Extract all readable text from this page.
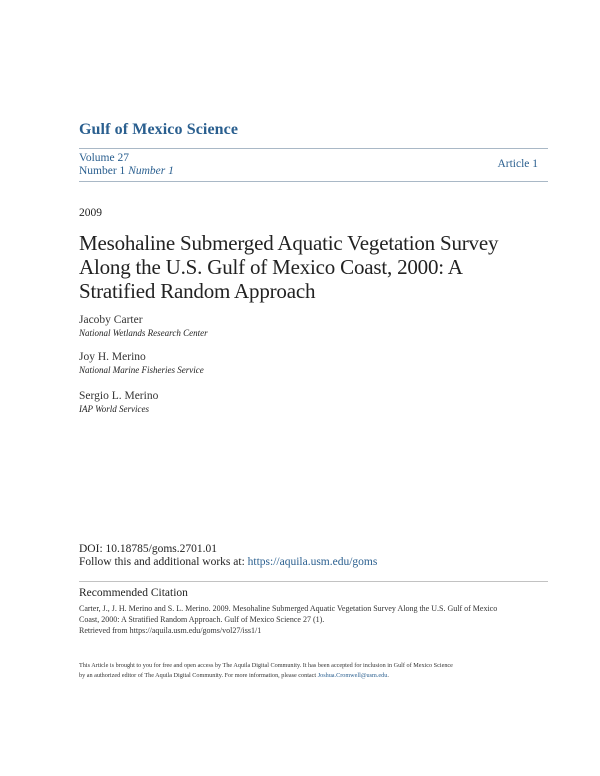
Gulf of Mexico Science
Volume 27
Number 1 Number 1
Article 1
2009
Mesohaline Submerged Aquatic Vegetation Survey
Along the U.S. Gulf of Mexico Coast, 2000: A
Stratified Random Approach
Jacoby Carter
National Wetlands Research Center
Joy H. Merino
National Marine Fisheries Service
Sergio L. Merino
IAP World Services
DOI: 10.18785/goms.2701.01
Follow this and additional works at: https://aquila.usm.edu/goms
Recommended Citation
Carter, J., J. H. Merino and S. L. Merino. 2009. Mesohaline Submerged Aquatic Vegetation Survey Along the U.S. Gulf of Mexico
Coast, 2000: A Stratified Random Approach. Gulf of Mexico Science 27 (1).
Retrieved from https://aquila.usm.edu/goms/vol27/iss1/1
This Article is brought to you for free and open access by The Aquila Digital Community. It has been accepted for inclusion in Gulf of Mexico Science
by an authorized editor of The Aquila Digital Community. For more information, please contact Joshua.Cromwell@usm.edu.
